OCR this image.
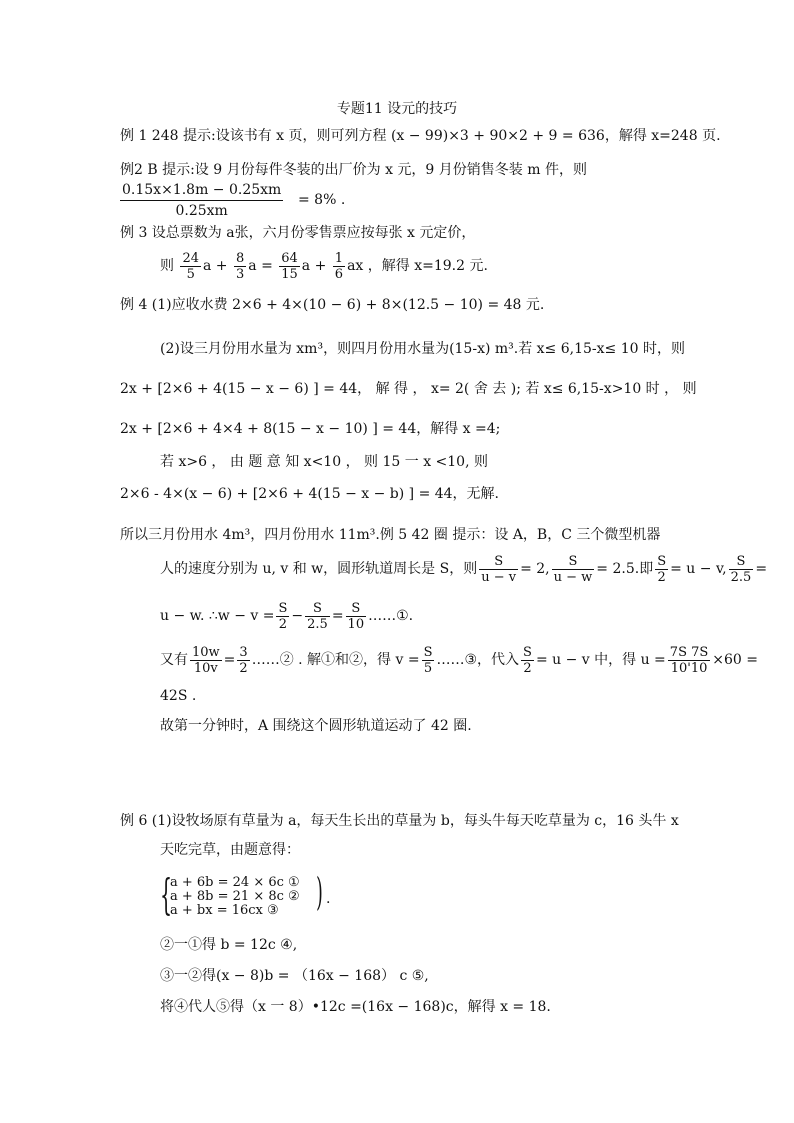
专题11 设元的技巧
例 1 248 提示:设该书有 x 页，则可列方程 (x − 99)×3 + 90×2 + 9 = 636，解得 x=248 页.
例2 B 提示:设 9 月份每件冬装的出厂价为 x 元，9 月份销售冬装 m 件，则
$\frac{0.15x\times 1.8m - 0.25xm}{0.25xm} = 8\%$ .
例 3 设总票数为 a张，六月份零售票应按每张 x 元定价，
则 $\frac{24}{5}$ $a + \frac{8}{3}$ $a = \frac{64}{15}$ $a + \frac{1}{6}$ ax ，解得 x=19.2 元.
例 4 (1)应收水费 2×6 + 4×(10 − 6) + 8×(12.5 − 10) = 48 元.
(2)设三月份用水量为 xm³，则四月份用水量为(15-x) m³.若 x≤ 6,15-x≤ 10 时，则
2x + [2×6 + 4(15 − x − 6) ] = 44， 解 得 ， x= 2( 舍 去 ); 若 x≤ 6,15-x>10 时 ， 则
2x + [2×6 + 4×4 + 8(15 − x − 10) ] = 44，解得 x =4;
若 x>6 ， 由 题 意 知 x<10 ， 则 15 一 x <10, 则
2×6 - 4×(x − 6) + [2×6 + 4(15 − x − b) ] = 44，无解.
所以三月份用水 4m³，四月份用水 11m³.例 5 42 圈 提示：设 A，B，C 三个微型机器
人的速度分别为 u, v 和 w，圆形轨道周长是 S，则 $\frac{S}{u - v} = 2$, $\frac{S}{u - w} = 2.5$.即 $\frac{S}{2} = u - v$, $\frac{S}{2.5}$ =
u − w. ∴w − $v = \frac{S}{2} - \frac{S}{2.5} = \frac{S}{10}$ ……①.
又有 $\frac{10w}{10v} = \frac{3}{2}$ ……② . 解①和②，得 $v = \frac{S}{5}$ ……③，代入 $\frac{S}{2} = u - v$ 中，得 $u = \frac{7S 7S}{10'10} \times 60$ =
42S .
故第一分钟时，A 围绕这个圆形轨道运动了 42 圈.
例 6 (1)设牧场原有草量为 a，每天生长出的草量为 b，每头牛每天吃草量为 c，16 头牛 x
天吃完草，由题意得：
{
a + 6b = 24 × 6c ①
a + 8b = 21 × 8c ②
a + bx = 16cx ③ ) .
②一①得 b = 12c ④,
③一②得(x − 8)b = （16x − 168） c ⑤,
将④代人⑤得（x 一 8）•12c =(16x − 168)c，解得 x = 18.
